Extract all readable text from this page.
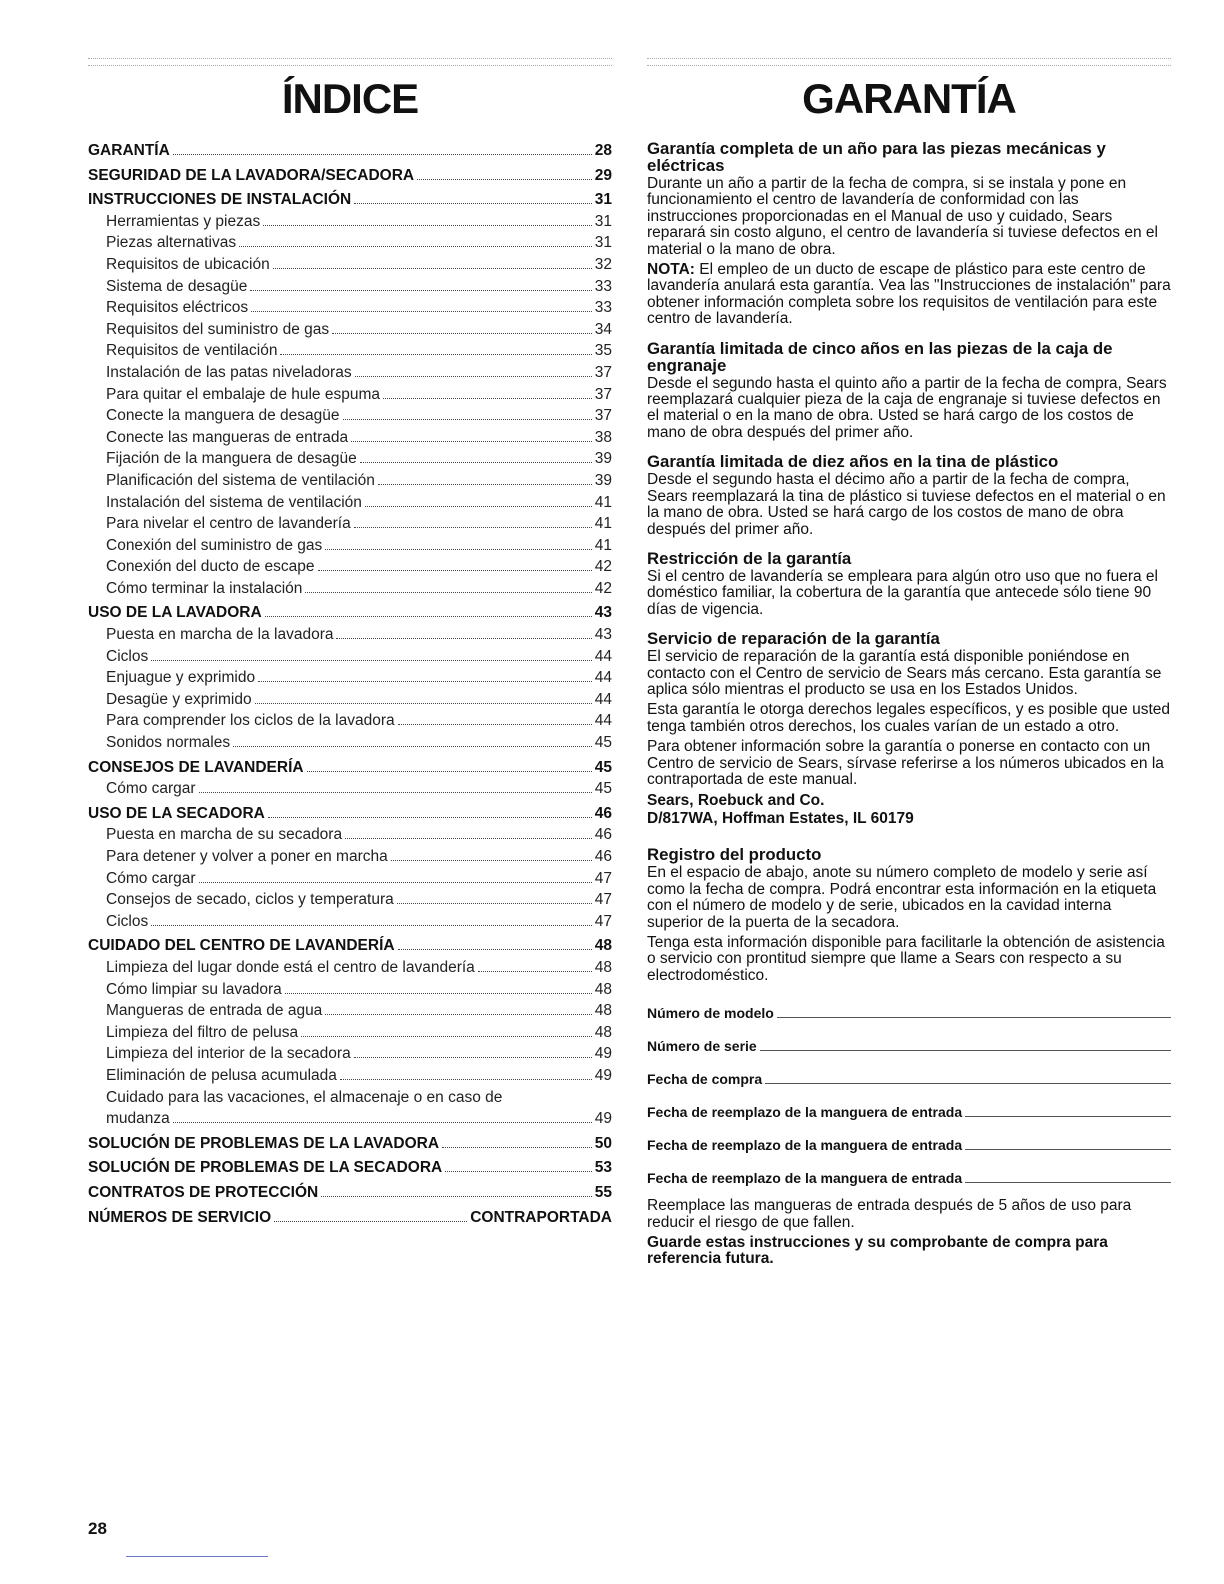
ÍNDICE
GARANTÍA	28
SEGURIDAD DE LA LAVADORA/SECADORA	29
INSTRUCCIONES DE INSTALACIÓN	31
Herramientas y piezas	31
Piezas alternativas	31
Requisitos de ubicación	32
Sistema de desagüe	33
Requisitos eléctricos	33
Requisitos del suministro de gas	34
Requisitos de ventilación	35
Instalación de las patas niveladoras	37
Para quitar el embalaje de hule espuma	37
Conecte la manguera de desagüe	37
Conecte las mangueras de entrada	38
Fijación de la manguera de desagüe	39
Planificación del sistema de ventilación	39
Instalación del sistema de ventilación	41
Para nivelar el centro de lavandería	41
Conexión del suministro de gas	41
Conexión del ducto de escape	42
Cómo terminar la instalación	42
USO DE LA LAVADORA	43
Puesta en marcha de la lavadora	43
Ciclos	44
Enjuague y exprimido	44
Desagüe y exprimido	44
Para comprender los ciclos de la lavadora	44
Sonidos normales	45
CONSEJOS DE LAVANDERÍA	45
Cómo cargar	45
USO DE LA SECADORA	46
Puesta en marcha de su secadora	46
Para detener y volver a poner en marcha	46
Cómo cargar	47
Consejos de secado, ciclos y temperatura	47
Ciclos	47
CUIDADO DEL CENTRO DE LAVANDERÍA	48
Limpieza del lugar donde está el centro de lavandería	48
Cómo limpiar su lavadora	48
Mangueras de entrada de agua	48
Limpieza del filtro de pelusa	48
Limpieza del interior de la secadora	49
Eliminación de pelusa acumulada	49
Cuidado para las vacaciones, el almacenaje o en caso de
mudanza	49
SOLUCIÓN DE PROBLEMAS DE LA LAVADORA	50
SOLUCIÓN DE PROBLEMAS DE LA SECADORA	53
CONTRATOS DE PROTECCIÓN	55
NÚMEROS DE SERVICIO	CONTRAPORTADA
GARANTÍA
Garantía completa de un año para las piezas mecánicas y eléctricas

Durante un año a partir de la fecha de compra, si se instala y pone en funcionamiento el centro de lavandería de conformidad con las instrucciones proporcionadas en el Manual de uso y cuidado, Sears reparará sin costo alguno, el centro de lavandería si tuviese defectos en el material o la mano de obra.

NOTA: El empleo de un ducto de escape de plástico para este centro de lavandería anulará esta garantía. Vea las "Instrucciones de instalación" para obtener información completa sobre los requisitos de ventilación para este centro de lavandería.

Garantía limitada de cinco años en las piezas de la caja de engranaje

Desde el segundo hasta el quinto año a partir de la fecha de compra, Sears reemplazará cualquier pieza de la caja de engranaje si tuviese defectos en el material o en la mano de obra. Usted se hará cargo de los costos de mano de obra después del primer año.

Garantía limitada de diez años en la tina de plástico

Desde el segundo hasta el décimo año a partir de la fecha de compra, Sears reemplazará la tina de plástico si tuviese defectos en el material o en la mano de obra. Usted se hará cargo de los costos de mano de obra después del primer año.

Restricción de la garantía

Si el centro de lavandería se empleara para algún otro uso que no fuera el doméstico familiar, la cobertura de la garantía que antecede sólo tiene 90 días de vigencia.

Servicio de reparación de la garantía

El servicio de reparación de la garantía está disponible poniéndose en contacto con el Centro de servicio de Sears más cercano. Esta garantía se aplica sólo mientras el producto se usa en los Estados Unidos.

Esta garantía le otorga derechos legales específicos, y es posible que usted tenga también otros derechos, los cuales varían de un estado a otro.

Para obtener información sobre la garantía o ponerse en contacto con un Centro de servicio de Sears, sírvase referirse a los números ubicados en la contraportada de este manual.

Sears, Roebuck and Co.
D/817WA, Hoffman Estates, IL 60179
Registro del producto

En el espacio de abajo, anote su número completo de modelo y serie así como la fecha de compra. Podrá encontrar esta información en la etiqueta con el número de modelo y de serie, ubicados en la cavidad interna superior de la puerta de la secadora.

Tenga esta información disponible para facilitarle la obtención de asistencia o servicio con prontitud siempre que llame a Sears con respecto a su electrodoméstico.

Número de modelo
Número de serie
Fecha de compra
Fecha de reemplazo de la manguera de entrada
Fecha de reemplazo de la manguera de entrada
Fecha de reemplazo de la manguera de entrada

Reemplace las mangueras de entrada después de 5 años de uso para reducir el riesgo de que fallen.

Guarde estas instrucciones y su comprobante de compra para referencia futura.

28
